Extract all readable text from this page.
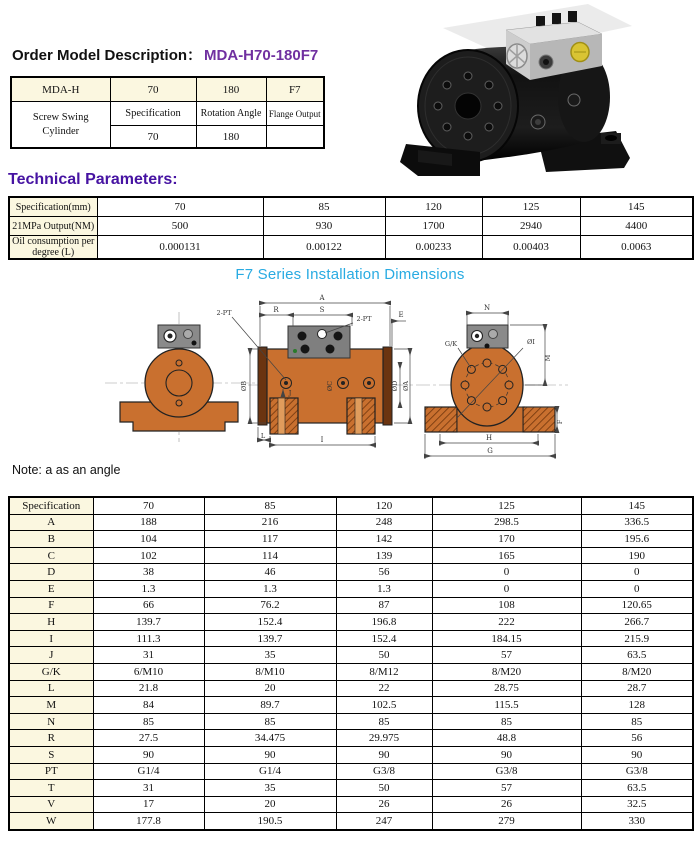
Order Model Description： MDA-H70-180F7
MDA-H	70	180	F7
Screw Swing Cylinder	Specification	Rotation Angle	Flange Output
	70	180	
Technical Parameters:
Specification(mm)	70	85	120	125	145
21MPa Output(NM)	500	930	1700	2940	4400
Oil consumption per degree (L)	0.000131	0.00122	0.00233	0.00403	0.0063
F7 Series Installation Dimensions
A
R	S
2-PT
2-PT	E
ØB	ØC	ØD ØA
J
L	I
N
G/K	ØI
M
F
H
G
Note: a as an angle
Specification	70	85	120	125	145
A	188	216	248	298.5	336.5
B	104	117	142	170	195.6
C	102	114	139	165	190
D	38	46	56	0	0
E	1.3	1.3	1.3	0	0
F	66	76.2	87	108	120.65
H	139.7	152.4	196.8	222	266.7
I	111.3	139.7	152.4	184.15	215.9
J	31	35	50	57	63.5
G/K	6/M10	8/M10	8/M12	8/M20	8/M20
L	21.8	20	22	28.75	28.7
M	84	89.7	102.5	115.5	128
N	85	85	85	85	85
R	27.5	34.475	29.975	48.8	56
S	90	90	90	90	90
PT	G1/4	G1/4	G3/8	G3/8	G3/8
T	31	35	50	57	63.5
V	17	20	26	26	32.5
W	177.8	190.5	247	279	330
